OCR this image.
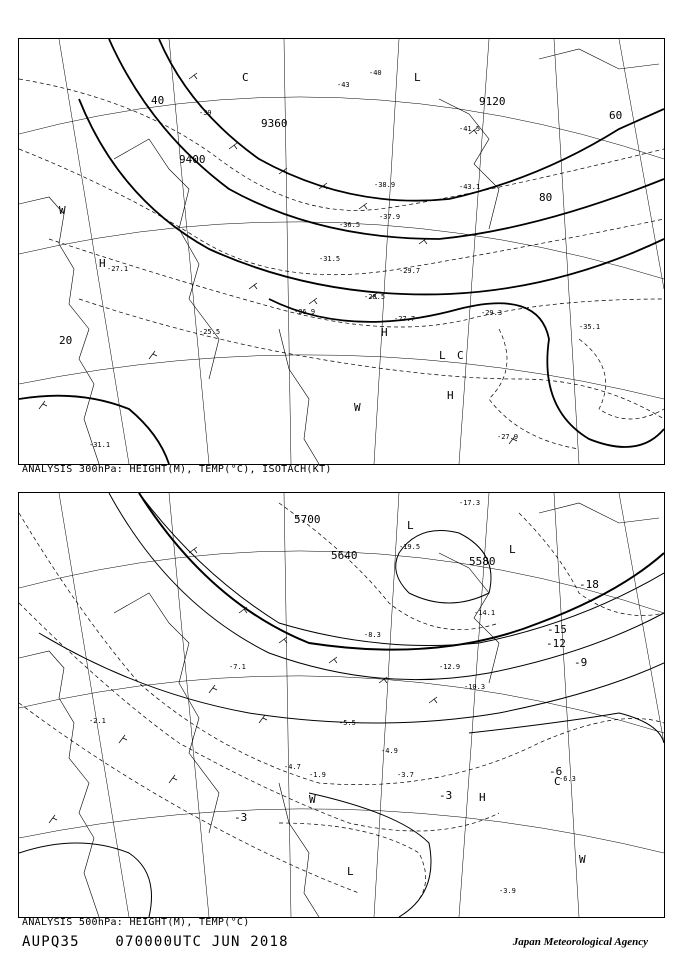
9360
9400
9120
20
40
60
80
H
H
H
L
L
C
C
W
W
-40
-43
-39
-37.9
-36.5
-31.5
-29.7
-28.5
-27.7
-27.1
-29.3
-25.5
-26.9
-27.9
-31.1
-41.5
-43.1
-38.9
-35.1
ANALYSIS 300hPa: HEIGHT(M), TEMP(°C), ISOTACH(KT)
5700
5580
5640
-3
-3
-6
-9
-12
-15
-18
H
L
L
L
C
W
W
-17.3
-19.5
-14.1
-12.9
-10.3
-8.3
-4.9
-4.7
-3.7	-6.3
-3.9
-2.1
-1.9
-5.5
-7.1
ANALYSIS 500hPa: HEIGHT(M), TEMP(°C)
AUPQ35	070000UTC JUN 2018	Japan Meteorological Agency
